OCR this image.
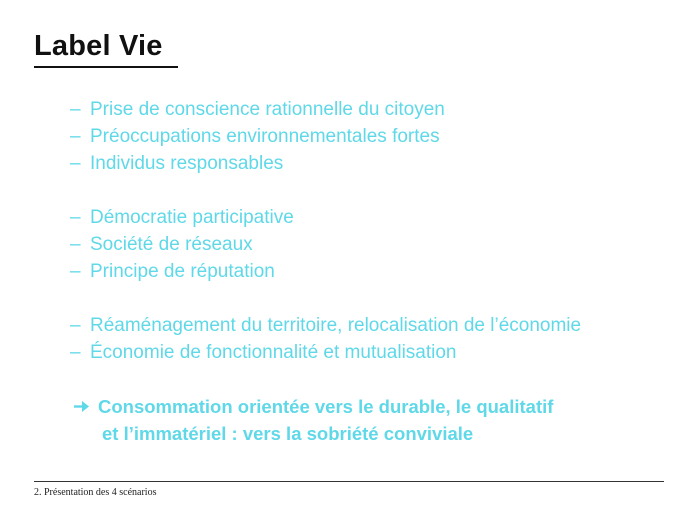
Label Vie
– Prise de conscience rationnelle du citoyen
– Préoccupations environnementales fortes
– Individus responsables
– Démocratie participative
– Société de réseaux
– Principe de réputation
– Réaménagement du territoire, relocalisation de l’économie
– Économie de fonctionnalité et mutualisation
Consommation orientée vers le durable, le qualitatif
et l’immatériel : vers la sobriété conviviale
2. Présentation des 4 scénarios
